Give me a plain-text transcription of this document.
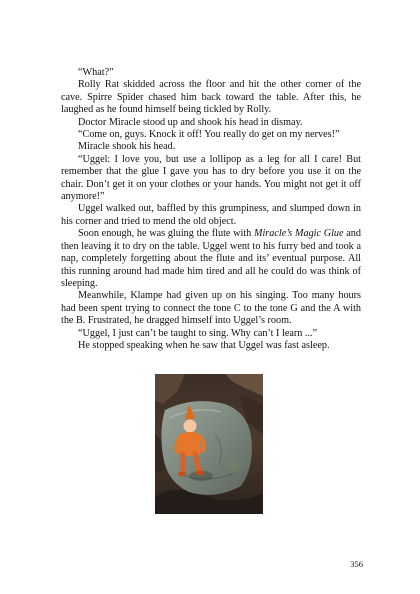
“What?”

Rolly Rat skidded across the floor and hit the other corner of the cave. Spirre Spider chased him back toward the table. After this, he laughed as he found himself being tickled by Rolly.

Doctor Miracle stood up and shook his head in dismay.

“Come on, guys. Knock it off! You really do get on my nerves!”

Miracle shook his head.

“Uggel: I love you, but use a lollipop as a leg for all I care! But remember that the glue I gave you has to dry before you use it on the chair. Don’t get it on your clothes or your hands. You might not get it off anymore!”

Uggel walked out, baffled by this grumpiness, and slumped down in his corner and tried to mend the old object.

Soon enough, he was gluing the flute with Miracle’s Magic Glue and then leaving it to dry on the table. Uggel went to his furry bed and took a nap, completely forgetting about the flute and its’ eventual purpose. All this running around had made him tired and all he could do was think of sleeping.

Meanwhile, Klampe had given up on his singing. Too many hours had been spent trying to connect the tone C to the tone G and the A with the B. Frustrated, he dragged himself into Uggel’s room.

“Uggel, I just can’t be taught to sing. Why can’t I learn ...”

He stopped speaking when he saw that Uggel was fast asleep.

356
